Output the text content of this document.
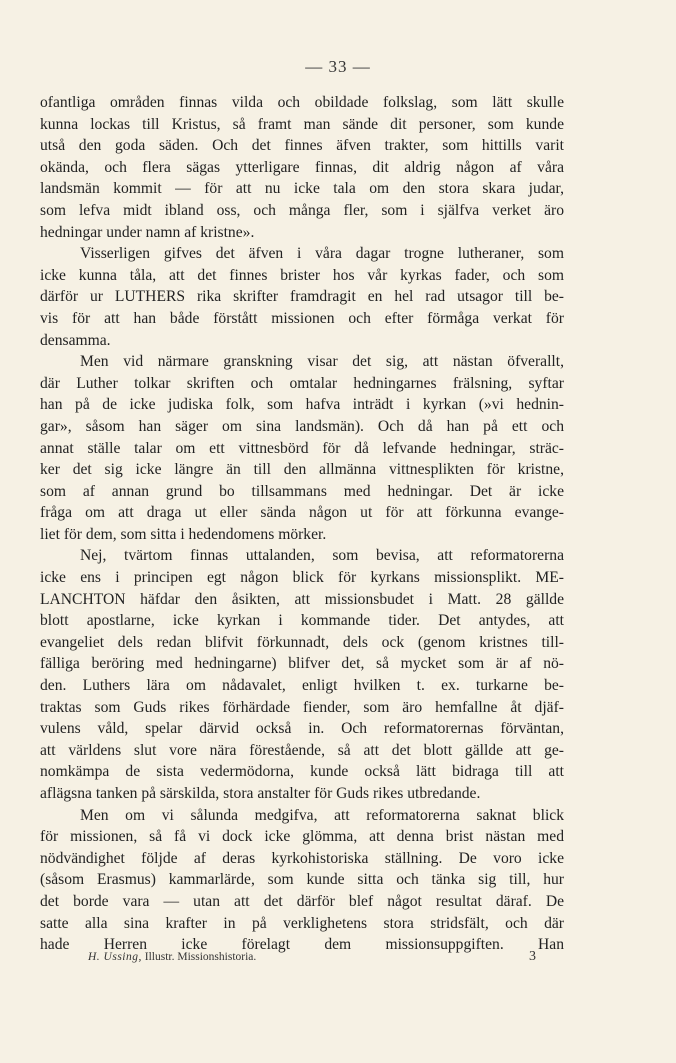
— 33 —
ofantliga områden finnas vilda och obildade folkslag, som lätt skulle
kunna lockas till Kristus, så framt man sände dit personer, som kunde
utså den goda säden. Och det finnes äfven trakter, som hittills varit
okända, och flera sägas ytterligare finnas, dit aldrig någon af våra
landsmän kommit — för att nu icke tala om den stora skara judar,
som lefva midt ibland oss, och många fler, som i själfva verket äro
hedningar under namn af kristne».
Visserligen gifves det äfven i våra dagar trogne lutheraner, som
icke kunna tåla, att det finnes brister hos vår kyrkas fader, och som
därför ur LUTHERS rika skrifter framdragit en hel rad utsagor till be-
vis för att han både förstått missionen och efter förmåga verkat för
densamma.
Men vid närmare granskning visar det sig, att nästan öfverallt,
där Luther tolkar skriften och omtalar hedningarnes frälsning, syftar
han på de icke judiska folk, som hafva inträdt i kyrkan (»vi hednin-
gar», såsom han säger om sina landsmän). Och då han på ett och
annat ställe talar om ett vittnesbörd för då lefvande hedningar, sträc-
ker det sig icke längre än till den allmänna vittnesplikten för kristne,
som af annan grund bo tillsammans med hedningar. Det är icke
fråga om att draga ut eller sända någon ut för att förkunna evange-
liet för dem, som sitta i hedendomens mörker.
Nej, tvärtom finnas uttalanden, som bevisa, att reformatorerna
icke ens i principen egt någon blick för kyrkans missionsplikt. ME-
LANCHTON häfdar den åsikten, att missionsbudet i Matt. 28 gällde
blott apostlarne, icke kyrkan i kommande tider. Det antydes, att
evangeliet dels redan blifvit förkunnadt, dels ock (genom kristnes till-
fälliga beröring med hedningarne) blifver det, så mycket som är af nö-
den. Luthers lära om nådavalet, enligt hvilken t. ex. turkarne be-
traktas som Guds rikes förhärdade fiender, som äro hemfallne åt djäf-
vulens våld, spelar därvid också in. Och reformatorernas förväntan,
att världens slut vore nära förestående, så att det blott gällde att ge-
nomkämpa de sista vedermödorna, kunde också lätt bidraga till att
aflägsna tanken på särskilda, stora anstalter för Guds rikes utbredande.
Men om vi sålunda medgifva, att reformatorerna saknat blick
för missionen, så få vi dock icke glömma, att denna brist nästan med
nödvändighet följde af deras kyrkohistoriska ställning. De voro icke
(såsom Erasmus) kammarlärde, som kunde sitta och tänka sig till, hur
det borde vara — utan att det därför blef något resultat däraf. De
satte alla sina krafter in på verklighetens stora stridsfält, och där
hade Herren icke förelagt dem missionsuppgiften. Han
H. Ussing, Illustr. Missionshistoria.	3
